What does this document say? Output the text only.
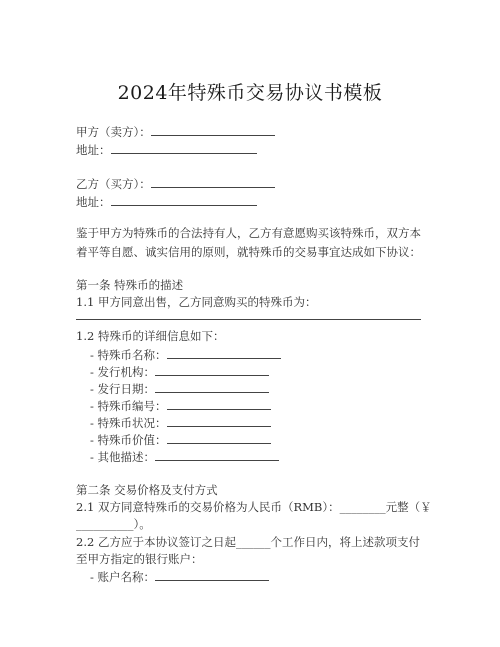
2024年特殊币交易协议书模板
甲方（卖方）：
地址：
乙方（买方）：
地址：
鉴于甲方为特殊币的合法持有人，乙方有意愿购买该特殊币，双方本
着平等自愿、诚实信用的原则，就特殊币的交易事宜达成如下协议：
第一条 特殊币的描述
1.1 甲方同意出售，乙方同意购买的特殊币为：
1.2 特殊币的详细信息如下：
- 特殊币名称：
- 发行机构：
- 发行日期：
- 特殊币编号：
- 特殊币状况：
- 特殊币价值：
- 其他描述：
第二条 交易价格及支付方式
2.1 双方同意特殊币的交易价格为人民币（RMB）：________元整（￥
__________）。
2.2 乙方应于本协议签订之日起______个工作日内，将上述款项支付
至甲方指定的银行账户：
- 账户名称：
